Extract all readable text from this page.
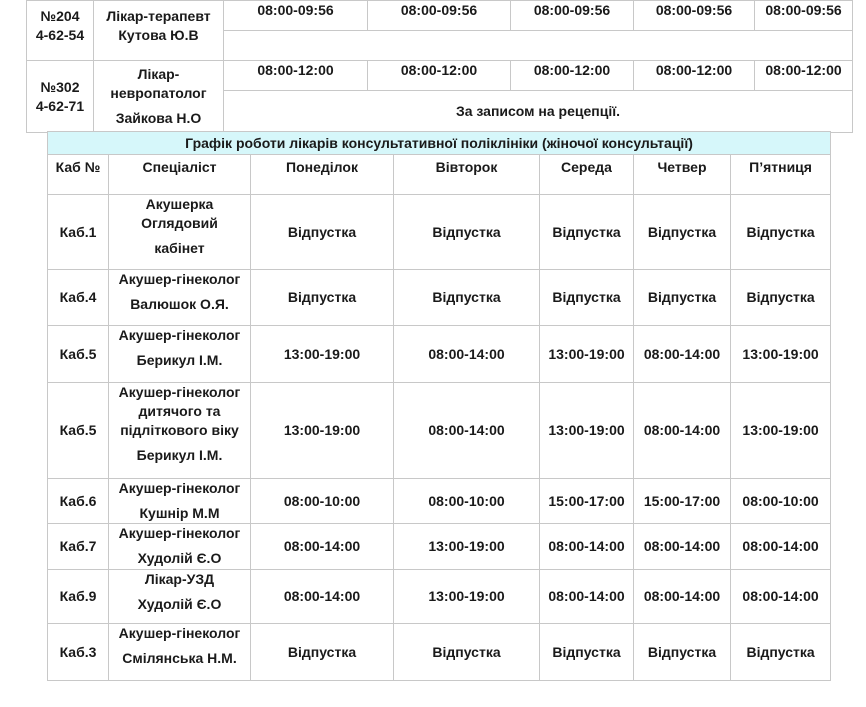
№204
4-62-54	Лікар-терапевт
Кутова Ю.В	08:00-09:56	08:00-09:56	08:00-09:56	08:00-09:56	08:00-09:56

№302
4-62-71	Лікар-
невропатолог
Зайкова Н.О	08:00-12:00	08:00-12:00	08:00-12:00	08:00-12:00	08:00-12:00
		За записом на рецепції.				
Графік роботи лікарів консультативної поліклініки (жіночої консультації)						
Каб №	Спеціаліст	Понеділок	Вівторок	Середа	Четвер	П’ятниця
Каб.1	Акушерка
Оглядовий
кабінет	Відпустка	Відпустка	Відпустка	Відпустка	Відпустка
Каб.4	Акушер-гінеколог
Валюшок О.Я.	Відпустка	Відпустка	Відпустка	Відпустка	Відпустка
Каб.5	Акушер-гінеколог
Берикул І.М.	13:00-19:00	08:00-14:00	13:00-19:00	08:00-14:00	13:00-19:00
Каб.5	Акушер-гінеколог
дитячого та
підліткового віку
Берикул І.М.	13:00-19:00	08:00-14:00	13:00-19:00	08:00-14:00	13:00-19:00
Каб.6	Акушер-гінеколог
Кушнір М.М	08:00-10:00	08:00-10:00	15:00-17:00	15:00-17:00	08:00-10:00
Каб.7	Акушер-гінеколог
Худолій Є.О	08:00-14:00	13:00-19:00	08:00-14:00	08:00-14:00	08:00-14:00
Каб.9	Лікар-УЗД
Худолій Є.О	08:00-14:00	13:00-19:00	08:00-14:00	08:00-14:00	08:00-14:00
Каб.3	Акушер-гінеколог
Смілянська Н.М.	Відпустка	Відпустка	Відпустка	Відпустка	Відпустка
